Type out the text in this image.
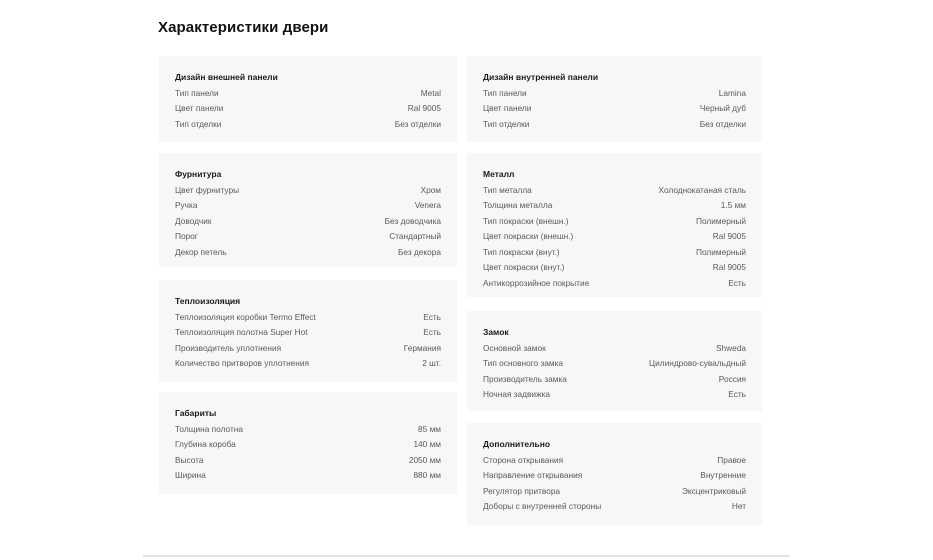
Характеристики двери
Дизайн внешней панели
Тип панели	Metal
Цвет панели	Ral 9005
Тип отделки	Без отделки
Фурнитура
Цвет фурнитуры	Хром
Ручка	Venera
Доводчик	Без доводчика
Порог	Стандартный
Декор петель	Без декора
Теплоизоляция
Теплоизоляция коробки Termo Effect	Есть
Теплоизоляция полотна Super Hot	Есть
Производитель уплотнения	Германия
Количество притворов уплотнения	2 шт.
Габариты
Толщина полотна	85 мм
Глубина короба	140 мм
Высота	2050 мм
Ширина	880 мм
Дизайн внутренней панели
Тип панели	Lamina
Цвет панели	Черный дуб
Тип отделки	Без отделки
Металл
Тип металла	Холоднокатаная сталь
Толщина металла	1.5 мм
Тип покраски (внешн.)	Полимерный
Цвет покраски (внешн.)	Ral 9005
Тип покраски (внут.)	Полимерный
Цвет покраски (внут.)	Ral 9005
Антикоррозийное покрытие	Есть
Замок
Основной замок	Shweda
Тип основного замка	Цилиндрово-сувальдный
Производитель замка	Россия
Ночная задвижка	Есть
Дополнительно
Сторона открывания	Правое
Направление открывания	Внутренние
Регулятор притвора	Эксцентриковый
Доборы с внутренней стороны	Нет
